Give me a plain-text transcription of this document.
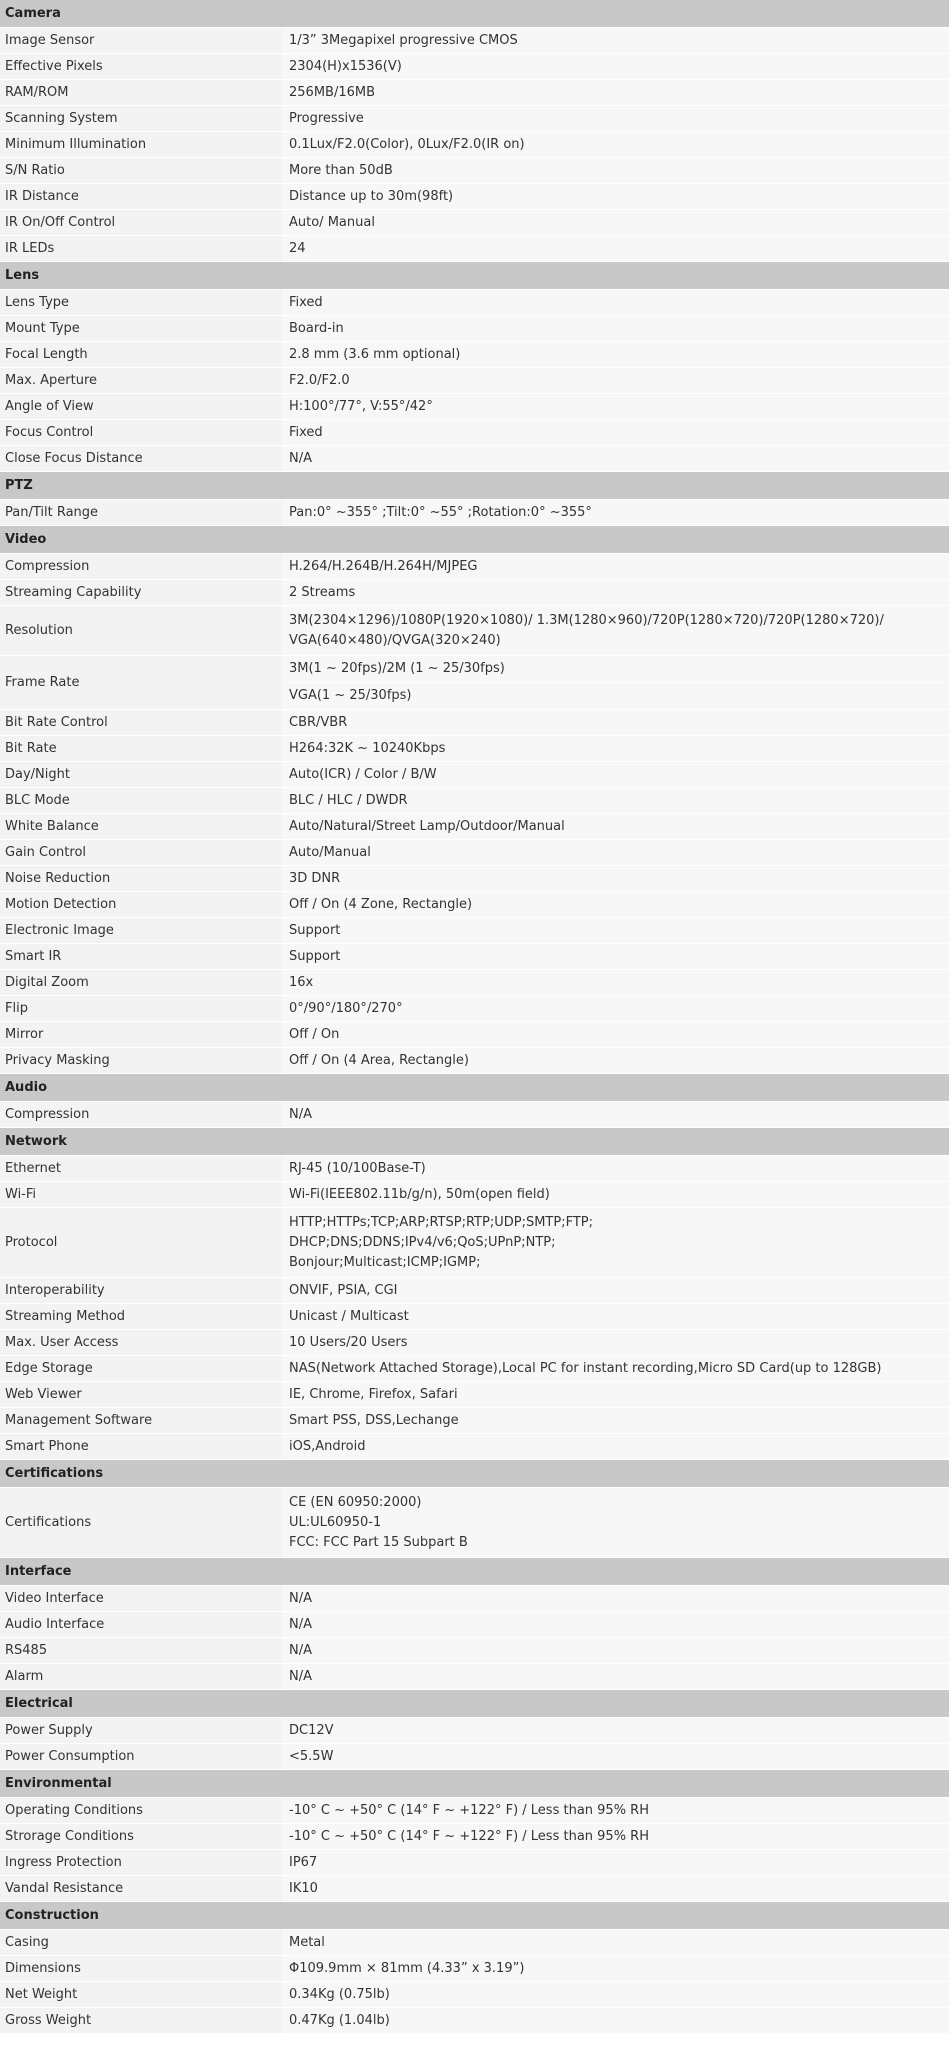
Camera	
Image Sensor	1/3” 3Megapixel progressive CMOS

Effective Pixels	2304(H)x1536(V)

RAM/ROM	256MB/16MB

Scanning System	Progressive

Minimum Illumination	0.1Lux/F2.0(Color), 0Lux/F2.0(IR on)

S/N Ratio	More than 50dB

IR Distance	Distance up to 30m(98ft)

IR On/Off Control	Auto/ Manual

IR LEDs	24

Lens	
Lens Type	Fixed

Mount Type	Board-in

Focal Length	2.8 mm (3.6 mm optional)

Max. Aperture	F2.0/F2.0

Angle of View	H:100°/77°, V:55°/42°

Focus Control	Fixed

Close Focus Distance	N/A

PTZ	
Pan/Tilt Range	Pan:0° ~355° ;Tilt:0° ~55° ;Rotation:0° ~355°

Video	
Compression	H.264/H.264B/H.264H/MJPEG

Streaming Capability	2 Streams

Resolution	3M(2304×1296)/1080P(1920×1080)/ 1.3M(1280×960)/720P(1280×720)/720P(1280×720)/
VGA(640×480)/QVGA(320×240)

Frame Rate	3M(1 ~ 20fps)/2M (1 ~ 25/30fps)
VGA(1 ~ 25/30fps)

Bit Rate Control	CBR/VBR

Bit Rate	H264:32K ~ 10240Kbps

Day/Night	Auto(ICR) / Color / B/W

BLC Mode	BLC / HLC / DWDR

White Balance	Auto/Natural/Street Lamp/Outdoor/Manual

Gain Control	Auto/Manual

Noise Reduction	3D DNR

Motion Detection	Off / On (4 Zone, Rectangle)

Electronic Image	Support

Smart IR	Support

Digital Zoom	16x

Flip	0°/90°/180°/270°

Mirror	Off / On

Privacy Masking	Off / On (4 Area, Rectangle)

Audio	
Compression	N/A

Network	
Ethernet	RJ-45 (10/100Base-T)

Wi-Fi	Wi-Fi(IEEE802.11b/g/n), 50m(open field)

Protocol	HTTP;HTTPs;TCP;ARP;RTSP;RTP;UDP;SMTP;FTP;
DHCP;DNS;DDNS;IPv4/v6;QoS;UPnP;NTP;
Bonjour;Multicast;ICMP;IGMP;

Interoperability	ONVIF, PSIA, CGI

Streaming Method	Unicast / Multicast

Max. User Access	10 Users/20 Users

Edge Storage	NAS(Network Attached Storage),Local PC for instant recording,Micro SD Card(up to 128GB)

Web Viewer	IE, Chrome, Firefox, Safari

Management Software	Smart PSS, DSS,Lechange

Smart Phone	iOS,Android

Certifications	
Certifications	CE (EN 60950:2000)
UL:UL60950-1
FCC: FCC Part 15 Subpart B

Interface	
Video Interface	N/A

Audio Interface	N/A

RS485	N/A

Alarm	N/A

Electrical	
Power Supply	DC12V

Power Consumption	<5.5W

Environmental	
Operating Conditions	-10° C ~ +50° C (14° F ~ +122° F) / Less than 95% RH

Strorage Conditions	-10° C ~ +50° C (14° F ~ +122° F) / Less than 95% RH

Ingress Protection	IP67

Vandal Resistance	IK10

Construction	
Casing	Metal

Dimensions	Φ109.9mm × 81mm (4.33” x 3.19”)

Net Weight	0.34Kg (0.75lb)

Gross Weight	0.47Kg (1.04lb)
